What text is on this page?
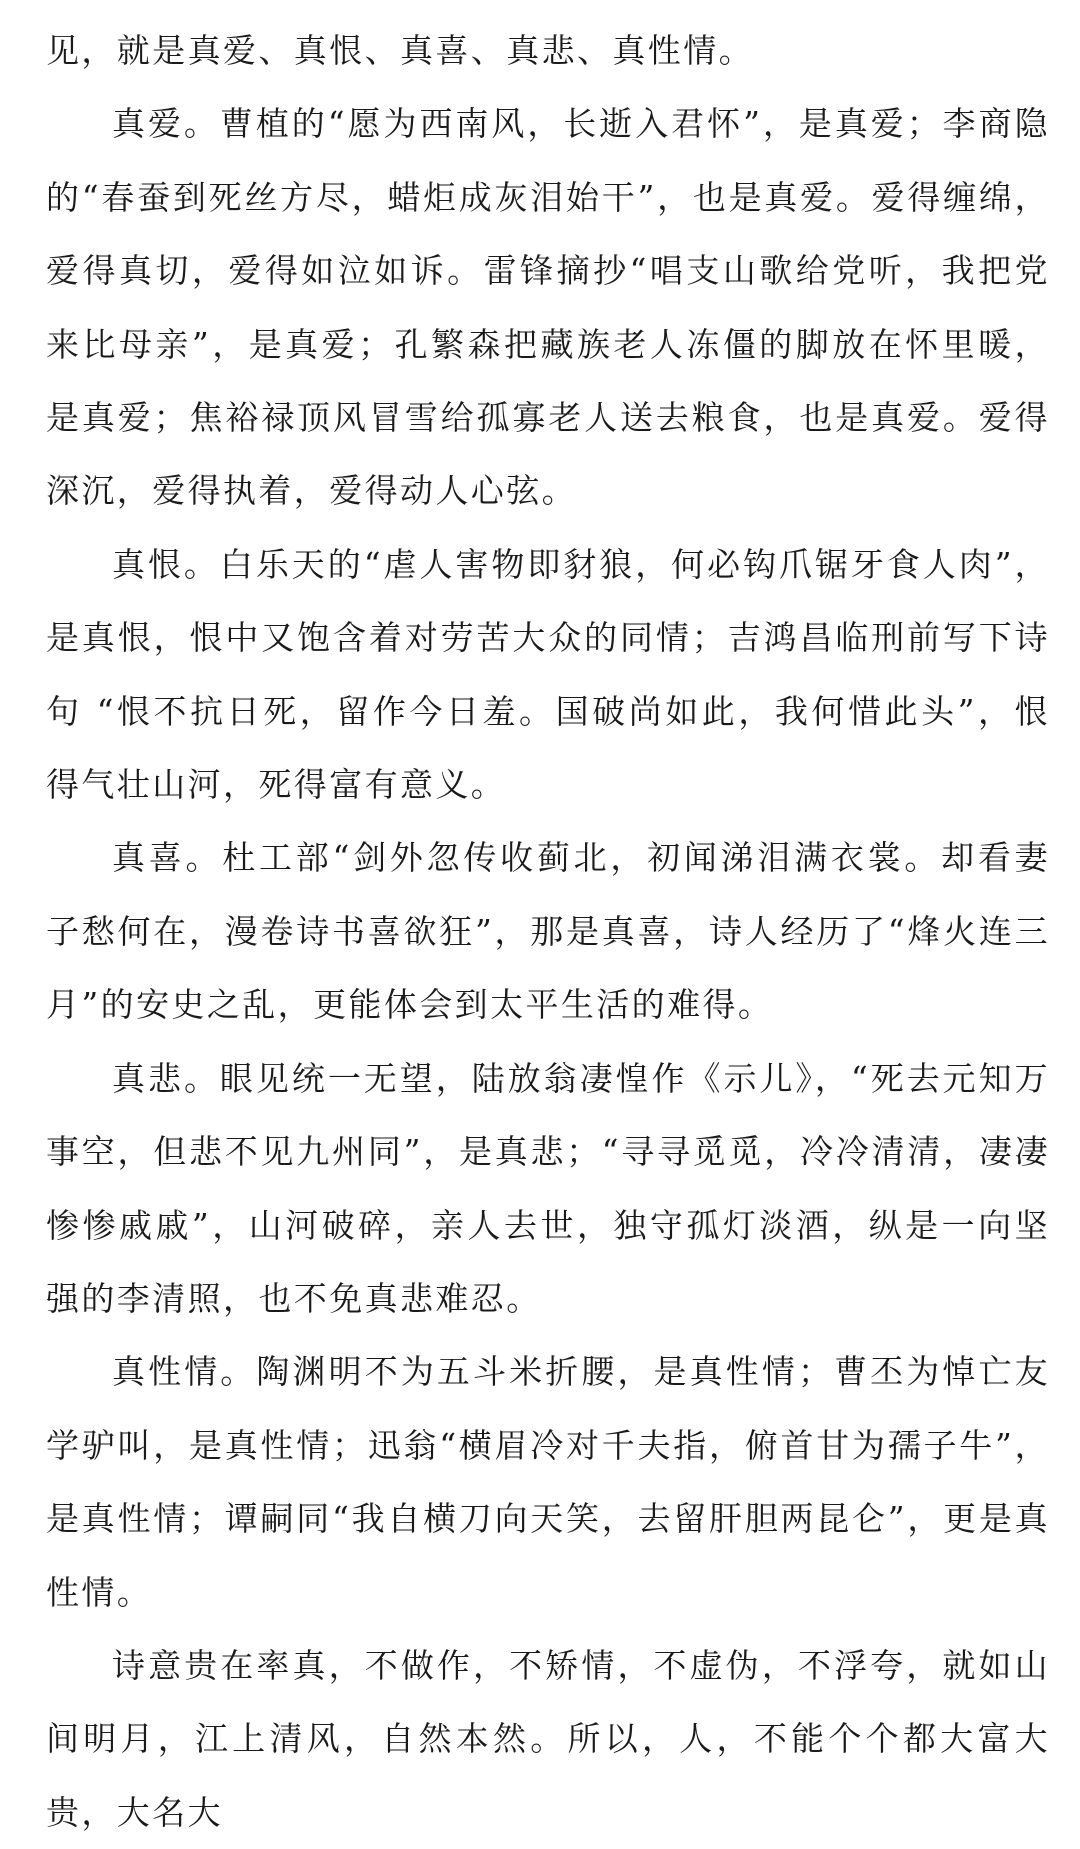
见，就是真爱、真恨、真喜、真悲、真性情。

真爱。曹植的“愿为西南风，长逝入君怀”，是真爱；李商隐的“春蚕到死丝方尽，蜡炬成灰泪始干”，也是真爱。爱得缠绵，爱得真切，爱得如泣如诉。雷锋摘抄“唱支山歌给党听，我把党来比母亲”，是真爱；孔繁森把藏族老人冻僵的脚放在怀里暖，是真爱；焦裕禄顶风冒雪给孤寡老人送去粮食，也是真爱。爱得深沉，爱得执着，爱得动人心弦。

真恨。白乐天的“虐人害物即豺狼，何必钩爪锯牙食人肉”，是真恨，恨中又饱含着对劳苦大众的同情；吉鸿昌临刑前写下诗句 “恨不抗日死，留作今日羞。国破尚如此，我何惜此头”，恨得气壮山河，死得富有意义。

真喜。杜工部“剑外忽传收蓟北，初闻涕泪满衣裳。却看妻子愁何在，漫卷诗书喜欲狂”，那是真喜，诗人经历了“烽火连三月”的安史之乱，更能体会到太平生活的难得。

真悲。眼见统一无望，陆放翁凄惶作《示儿》，“死去元知万事空，但悲不见九州同”，是真悲；“寻寻觅觅，冷冷清清，凄凄惨惨戚戚”，山河破碎，亲人去世，独守孤灯淡酒，纵是一向坚强的李清照，也不免真悲难忍。

真性情。陶渊明不为五斗米折腰，是真性情；曹丕为悼亡友学驴叫，是真性情；迅翁“横眉冷对千夫指，俯首甘为孺子牛”，是真性情；谭嗣同“我自横刀向天笑，去留肝胆两昆仑”，更是真性情。

诗意贵在率真，不做作，不矫情，不虚伪，不浮夸，就如山间明月，江上清风，自然本然。所以，人，不能个个都大富大贵，大名大
